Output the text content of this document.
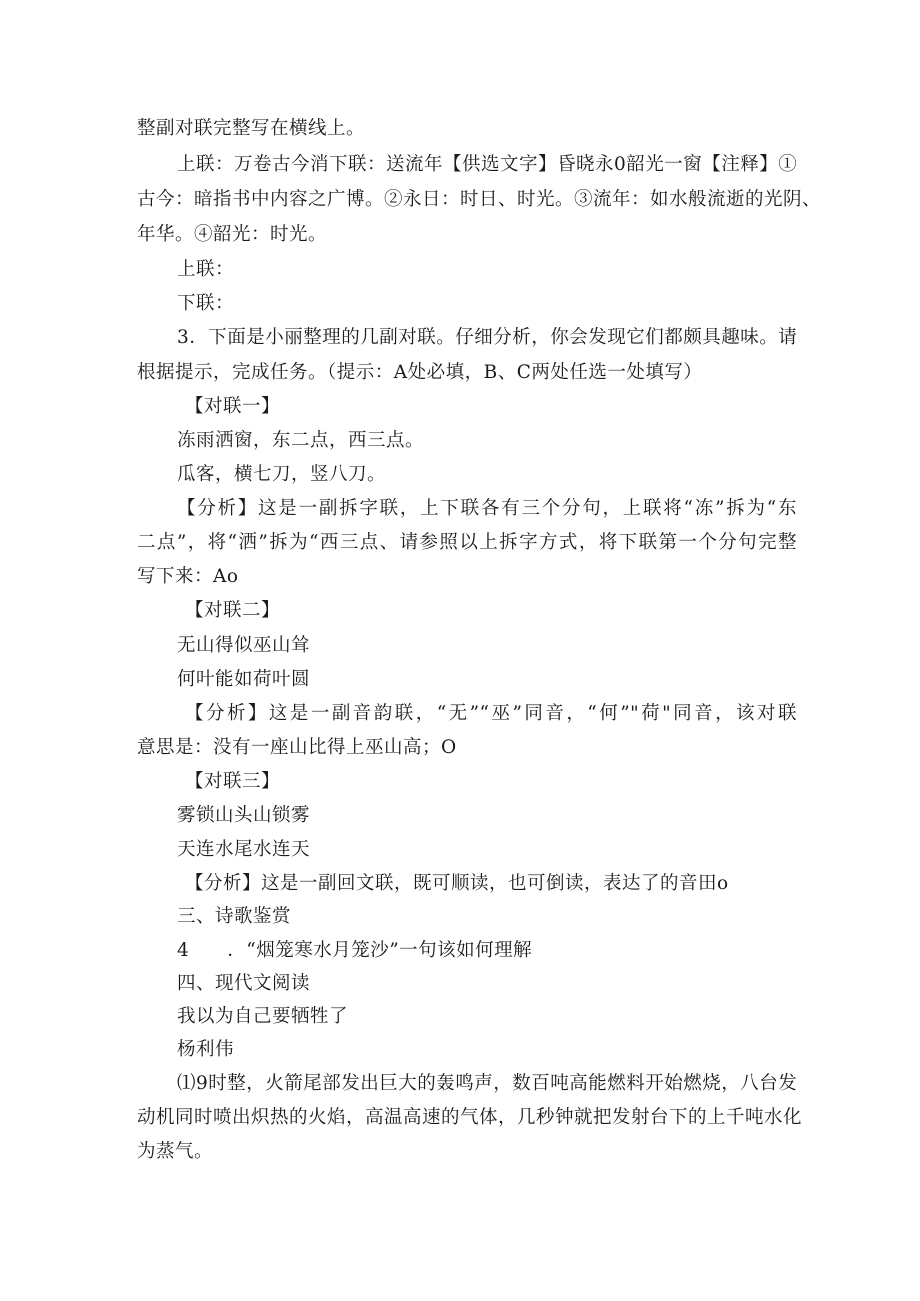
整副对联完整写在横线上。
上联：万卷古今消下联：送流年【供选文字】昏晓永0韶光一窗【注释】①
古今：暗指书中内容之广博。②永日：时日、时光。③流年：如水般流逝的光阴、
年华。④韶光：时光。
上联：
下联：
3．下面是小丽整理的几副对联。仔细分析，你会发现它们都颇具趣味。请
根据提示，完成任务。（提示：A处必填，B、C两处任选一处填写）
【对联一】
冻雨洒窗，东二点，西三点。
瓜客，横七刀，竖八刀。
【分析】这是一副拆字联，上下联各有三个分句，上联将“冻”拆为“东
二点”，将“洒”拆为“西三点、请参照以上拆字方式，将下联第一个分句完整
写下来：Ao
【对联二】
无山得似巫山耸
何叶能如荷叶圆
【分析】这是一副音韵联，“无”“巫”同音，“何”"荷"同音，该对联
意思是：没有一座山比得上巫山高；O
【对联三】
雾锁山头山锁雾
天连水尾水连天
【分析】这是一副回文联，既可顺读，也可倒读，表达了的音田o
三、诗歌鉴赏
4　　．“烟笼寒水月笼沙”一句该如何理解
四、现代文阅读
我以为自己要牺牲了
杨利伟
⑴9时整，火箭尾部发出巨大的轰鸣声，数百吨高能燃料开始燃烧，八台发
动机同时喷出炽热的火焰，高温高速的气体，几秒钟就把发射台下的上千吨水化
为蒸气。
